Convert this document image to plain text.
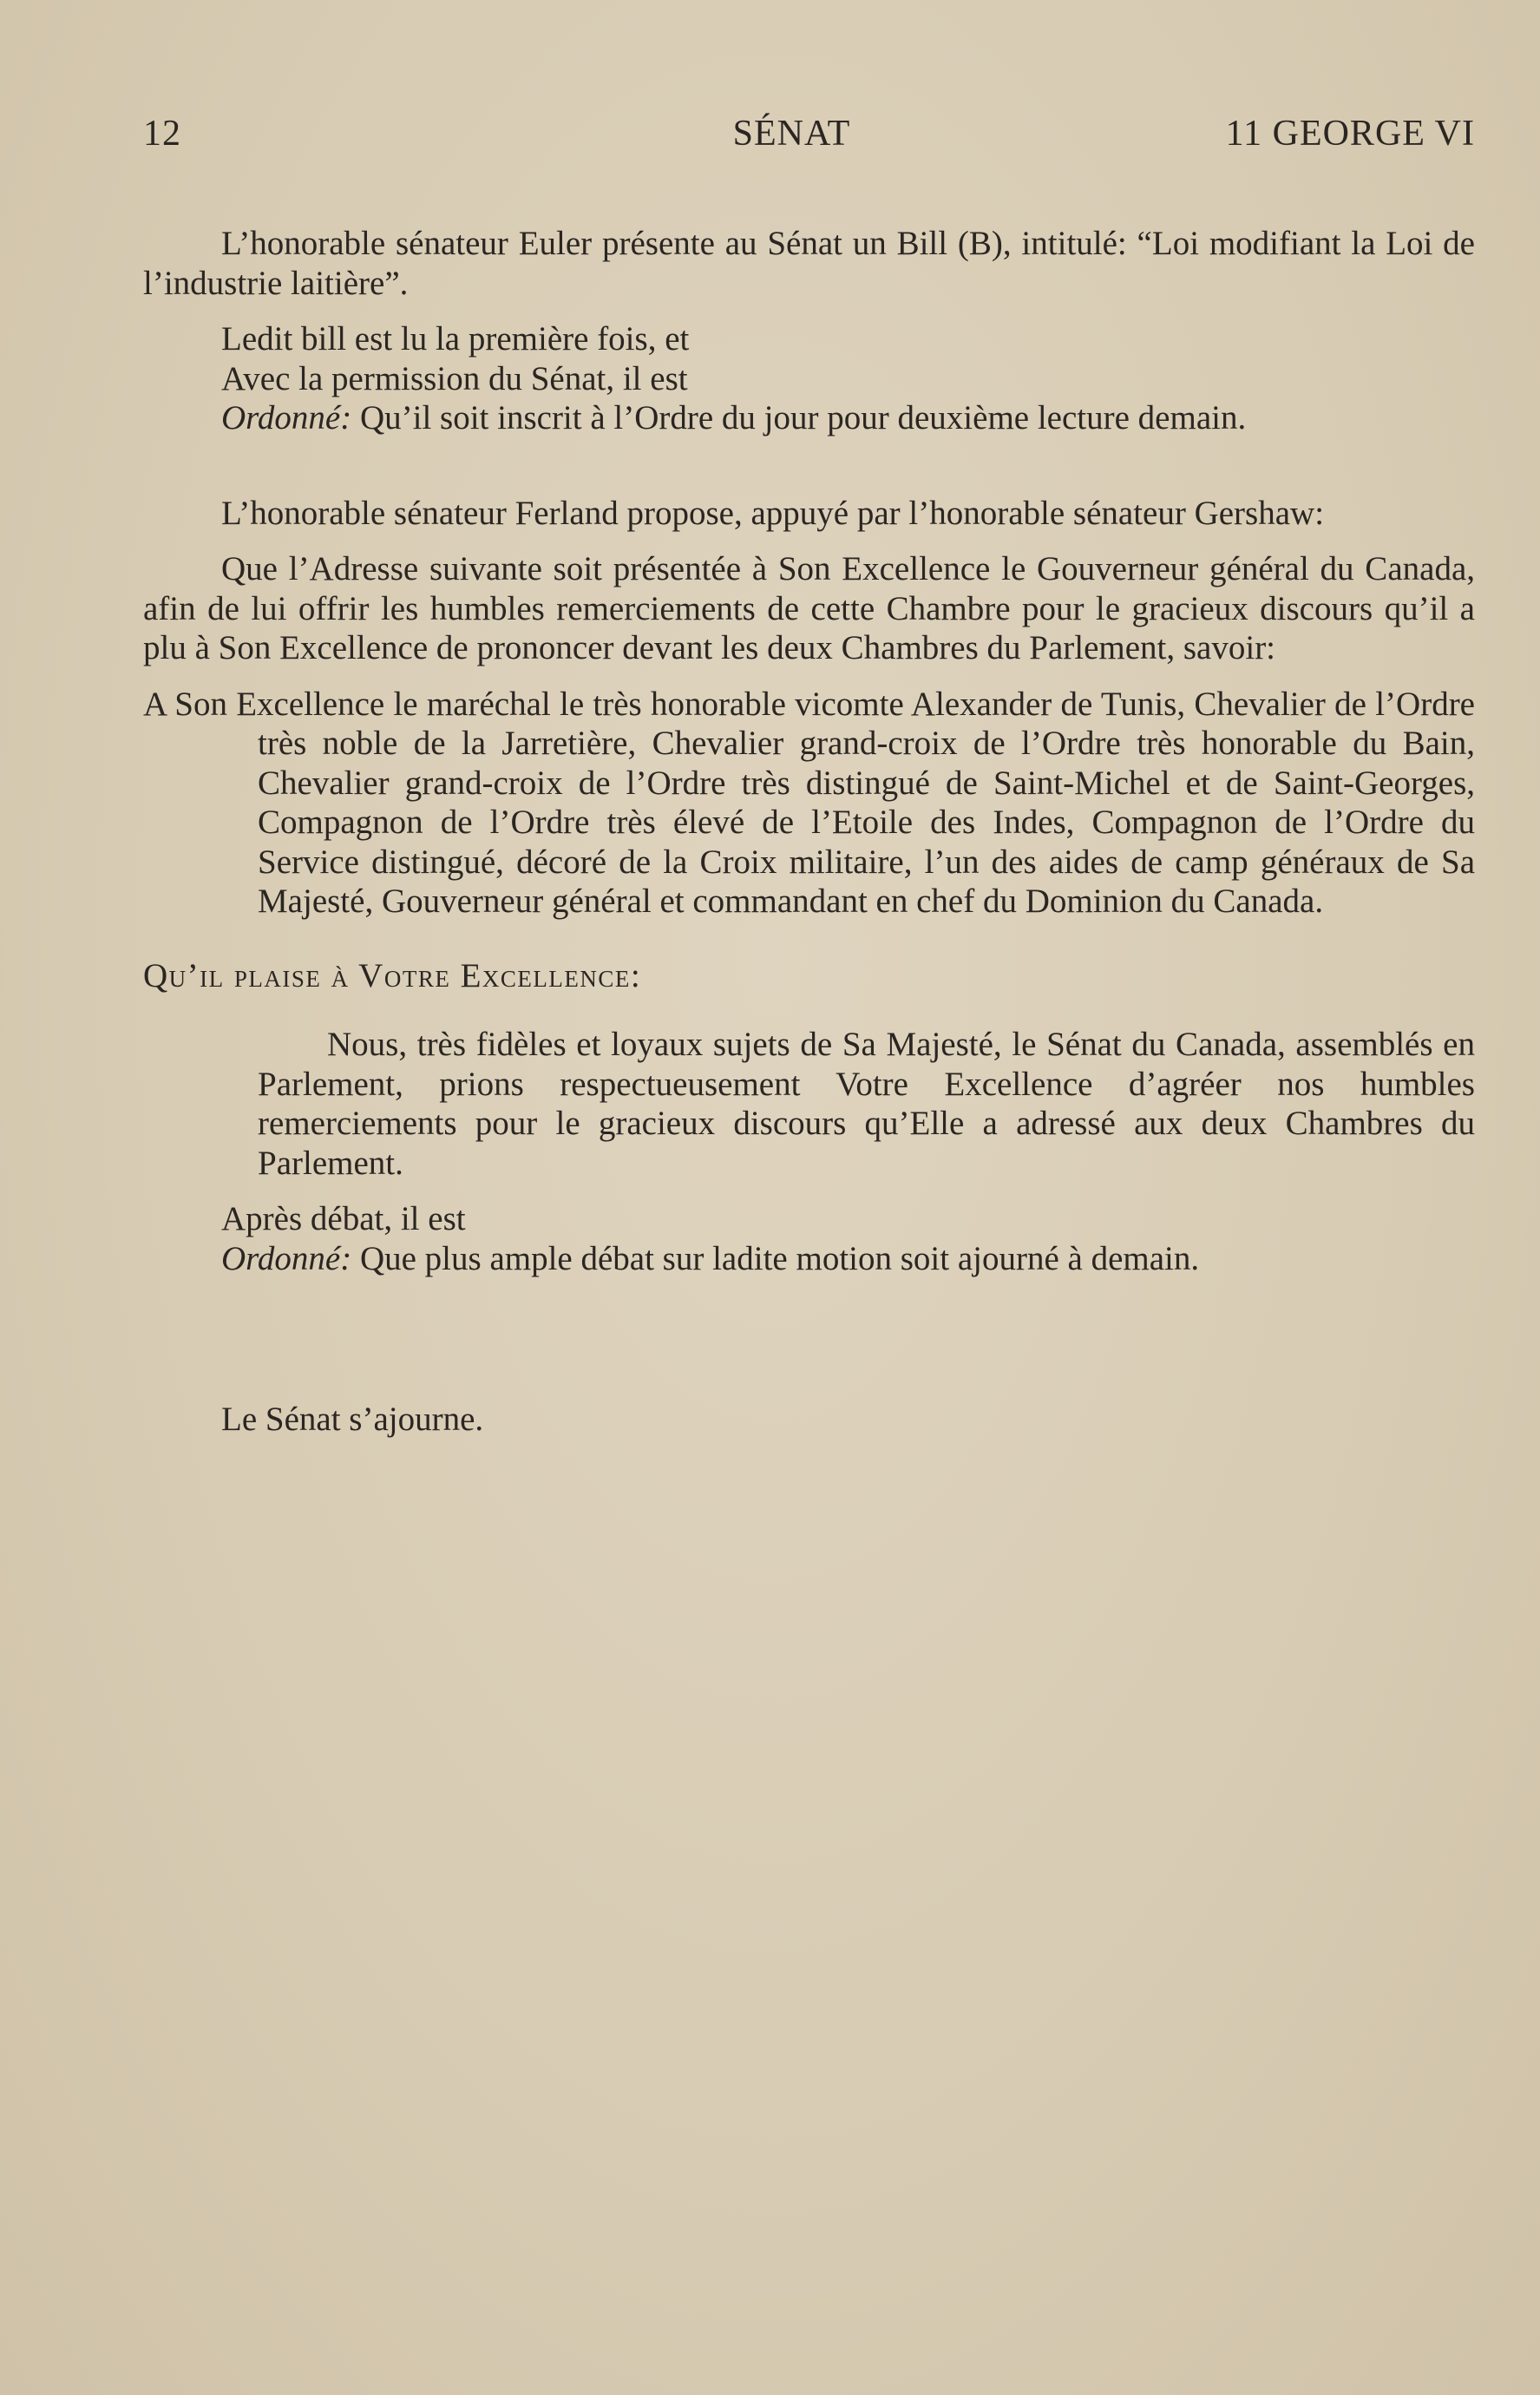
12	SÉNAT	11 GEORGE VI

L’honorable sénateur Euler présente au Sénat un Bill (B), intitulé: “Loi modifiant la Loi de l’industrie laitière”.

Ledit bill est lu la première fois, et
Avec la permission du Sénat, il est
Ordonné: Qu’il soit inscrit à l’Ordre du jour pour deuxième lecture demain.

L’honorable sénateur Ferland propose, appuyé par l’honorable sénateur Gershaw:

Que l’Adresse suivante soit présentée à Son Excellence le Gouverneur général du Canada, afin de lui offrir les humbles remerciements de cette Chambre pour le gracieux discours qu’il a plu à Son Excellence de prononcer devant les deux Chambres du Parlement, savoir:

A Son Excellence le maréchal le très honorable vicomte Alexander de Tunis, Chevalier de l’Ordre très noble de la Jarretière, Chevalier grand-croix de l’Ordre très honorable du Bain, Chevalier grand-croix de l’Ordre très distingué de Saint-Michel et de Saint-Georges, Compagnon de l’Ordre très élevé de l’Etoile des Indes, Compagnon de l’Ordre du Service distingué, décoré de la Croix militaire, l’un des aides de camp généraux de Sa Majesté, Gouverneur général et commandant en chef du Dominion du Canada.

Qu’il plaise à Votre Excellence:

Nous, très fidèles et loyaux sujets de Sa Majesté, le Sénat du Canada, assemblés en Parlement, prions respectueusement Votre Excellence d’agréer nos humbles remerciements pour le gracieux discours qu’Elle a adressé aux deux Chambres du Parlement.

Après débat, il est
Ordonné: Que plus ample débat sur ladite motion soit ajourné à demain.

Le Sénat s’ajourne.
